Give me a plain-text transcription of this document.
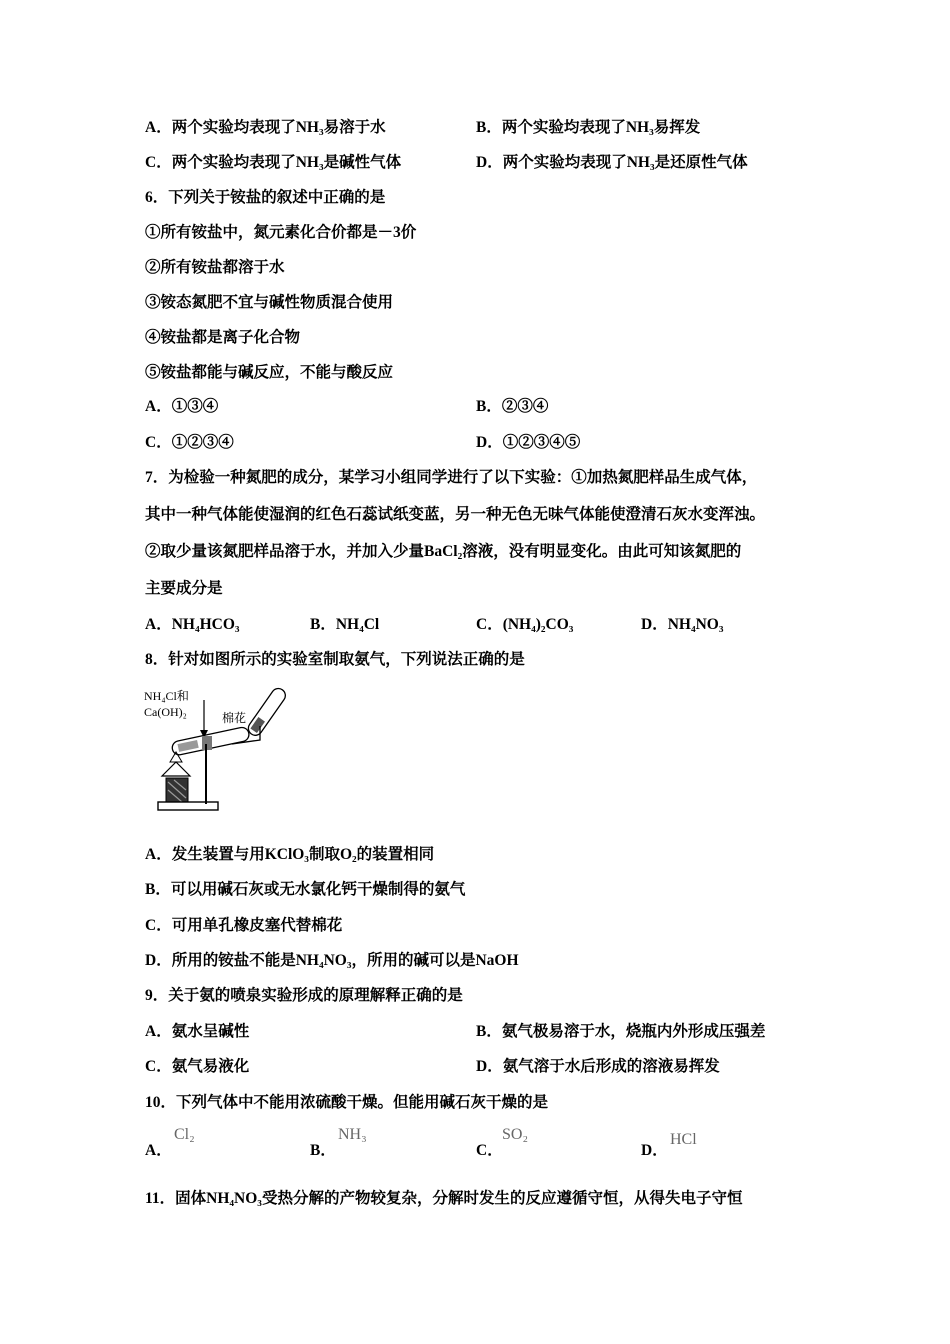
A．两个实验均表现了NH₃易溶于水	B．两个实验均表现了NH₃易挥发
C．两个实验均表现了NH₃是碱性气体	D．两个实验均表现了NH₃是还原性气体
6．下列关于铵盐的叙述中正确的是
①所有铵盐中，氮元素化合价都是－3价
②所有铵盐都溶于水
③铵态氮肥不宜与碱性物质混合使用
④铵盐都是离子化合物
⑤铵盐都能与碱反应，不能与酸反应
A．①③④	B．②③④
C．①②③④	D．①②③④⑤
7．为检验一种氮肥的成分，某学习小组同学进行了以下实验：①加热氮肥样品生成气体，
其中一种气体能使湿润的红色石蕊试纸变蓝，另一种无色无味气体能使澄清石灰水变浑浊。
②取少量该氮肥样品溶于水，并加入少量BaCl₂溶液，没有明显变化。由此可知该氮肥的
主要成分是
A．NH₄HCO₃	B．NH₄Cl	C．(NH₄)₂CO₃	D．NH₄NO₃
8．针对如图所示的实验室制取氨气，下列说法正确的是
NH₄Cl和
Ca(OH)₂	棉花
A．发生装置与用KClO₃制取O₂的装置相同
B．可以用碱石灰或无水氯化钙干燥制得的氨气
C．可用单孔橡皮塞代替棉花
D．所用的铵盐不能是NH₄NO₃，所用的碱可以是NaOH
9．关于氨的喷泉实验形成的原理解释正确的是
A．氨水呈碱性	B．氨气极易溶于水，烧瓶内外形成压强差
C．氨气易液化	D．氨气溶于水后形成的溶液易挥发
10．下列气体中不能用浓硫酸干燥。但能用碱石灰干燥的是
A．
Cl₂
B．
NH₃
C．
SO₂
D．
HCl
11．固体NH₄NO₃受热分解的产物较复杂，分解时发生的反应遵循守恒，从得失电子守恒
